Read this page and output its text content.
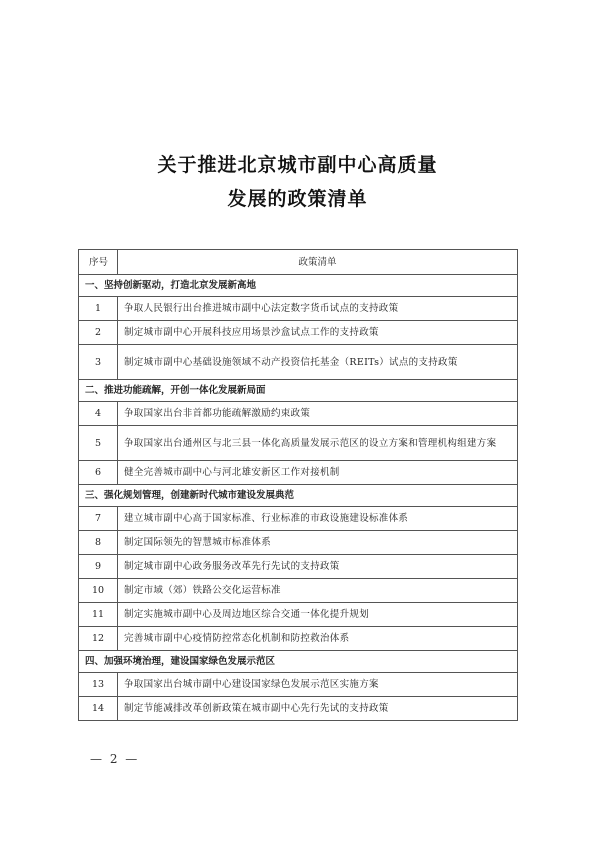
关于推进北京城市副中心高质量
发展的政策清单
序号	政策清单
一、坚持创新驱动，打造北京发展新高地	
1	争取人民银行出台推进城市副中心法定数字货币试点的支持政策
2	制定城市副中心开展科技应用场景沙盒试点工作的支持政策
3	制定城市副中心基础设施领域不动产投资信托基金（REITs）试点的支持政策
二、推进功能疏解，开创一体化发展新局面	
4	争取国家出台非首都功能疏解激励约束政策
5	争取国家出台通州区与北三县一体化高质量发展示范区的设立方案和管理机构组建方案
6	健全完善城市副中心与河北雄安新区工作对接机制
三、强化规划管理，创建新时代城市建设发展典范	
7	建立城市副中心高于国家标准、行业标准的市政设施建设标准体系
8	制定国际领先的智慧城市标准体系
9	制定城市副中心政务服务改革先行先试的支持政策
10	制定市域（郊）铁路公交化运营标准
11	制定实施城市副中心及周边地区综合交通一体化提升规划
12	完善城市副中心疫情防控常态化机制和防控救治体系
四、加强环境治理，建设国家绿色发展示范区	
13	争取国家出台城市副中心建设国家绿色发展示范区实施方案
14	制定节能减排改革创新政策在城市副中心先行先试的支持政策
— 2 —
